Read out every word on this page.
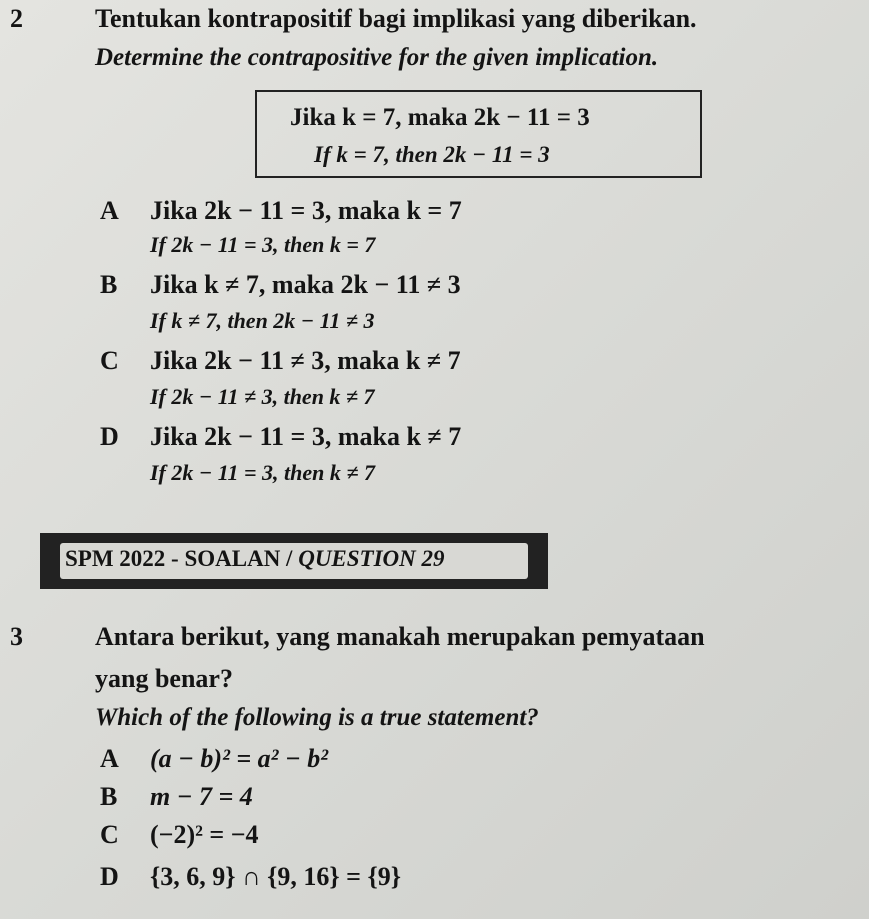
2	Tentukan kontrapositif bagi implikasi yang diberikan.
Determine the contrapositive for the given implication.
Jika k = 7, maka 2k − 11 = 3
If k = 7, then 2k − 11 = 3
A Jika 2k − 11 = 3, maka k = 7
If 2k − 11 = 3, then k = 7
B Jika k ≠ 7, maka 2k − 11 ≠ 3
If k ≠ 7, then 2k − 11 ≠ 3
C Jika 2k − 11 ≠ 3, maka k ≠ 7
If 2k − 11 ≠ 3, then k ≠ 7
D Jika 2k − 11 = 3, maka k ≠ 7
If 2k − 11 = 3, then k ≠ 7
SPM 2022 - SOALAN / QUESTION 29
3	Antara berikut, yang manakah merupakan pemyataan
yang benar?
Which of the following is a true statement?
A (a − b)² = a² − b²
B m − 7 = 4
C (−2)² = −4
D {3, 6, 9} ∩ {9, 16} = {9}
